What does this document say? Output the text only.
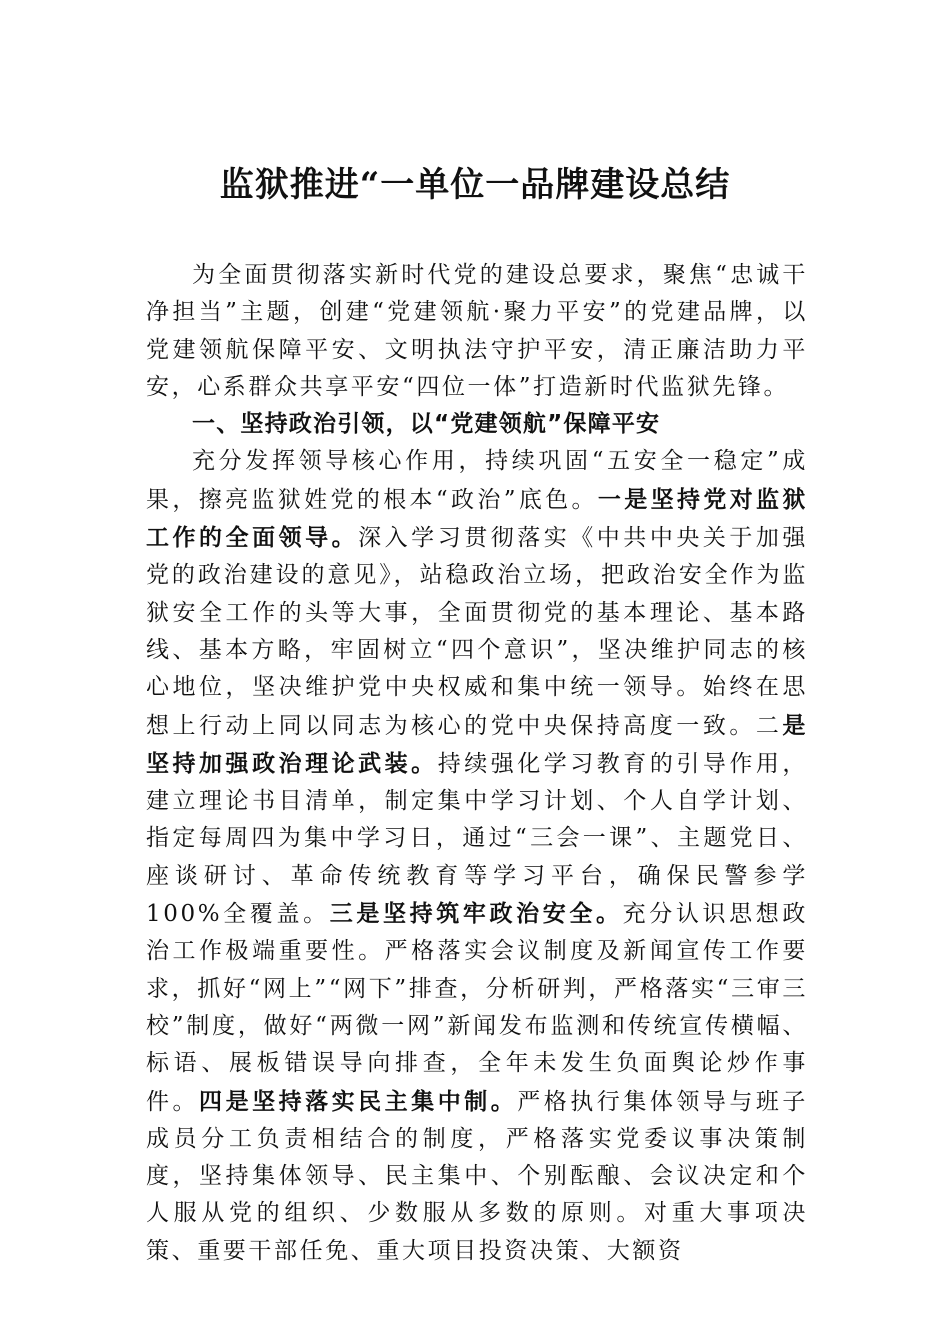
监狱推进“一单位一品牌建设总结

为全面贯彻落实新时代党的建设总要求，聚焦“忠诚干净担当”主题，创建“党建领航·聚力平安”的党建品牌，以党建领航保障平安、文明执法守护平安，清正廉洁助力平安，心系群众共享平安“四位一体”打造新时代监狱先锋。

一、坚持政治引领，以“党建领航”保障平安

充分发挥领导核心作用，持续巩固“五安全一稳定”成果，擦亮监狱姓党的根本“政治”底色。一是坚持党对监狱工作的全面领导。深入学习贯彻落实《中共中央关于加强党的政治建设的意见》，站稳政治立场，把政治安全作为监狱安全工作的头等大事，全面贯彻党的基本理论、基本路线、基本方略，牢固树立“四个意识”，坚决维护同志的核心地位，坚决维护党中央权威和集中统一领导。始终在思想上行动上同以同志为核心的党中央保持高度一致。二是坚持加强政治理论武装。持续强化学习教育的引导作用，建立理论书目清单，制定集中学习计划、个人自学计划、指定每周四为集中学习日，通过“三会一课”、主题党日、座谈研讨、革命传统教育等学习平台，确保民警参学100%全覆盖。三是坚持筑牢政治安全。充分认识思想政治工作极端重要性。严格落实会议制度及新闻宣传工作要求，抓好“网上”“网下”排查，分析研判，严格落实“三审三校”制度，做好“两微一网”新闻发布监测和传统宣传横幅、标语、展板错误导向排查，全年未发生负面舆论炒作事件。四是坚持落实民主集中制。严格执行集体领导与班子成员分工负责相结合的制度，严格落实党委议事决策制度，坚持集体领导、民主集中、个别酝酿、会议决定和个人服从党的组织、少数服从多数的原则。对重大事项决策、重要干部任免、重大项目投资决策、大额资
